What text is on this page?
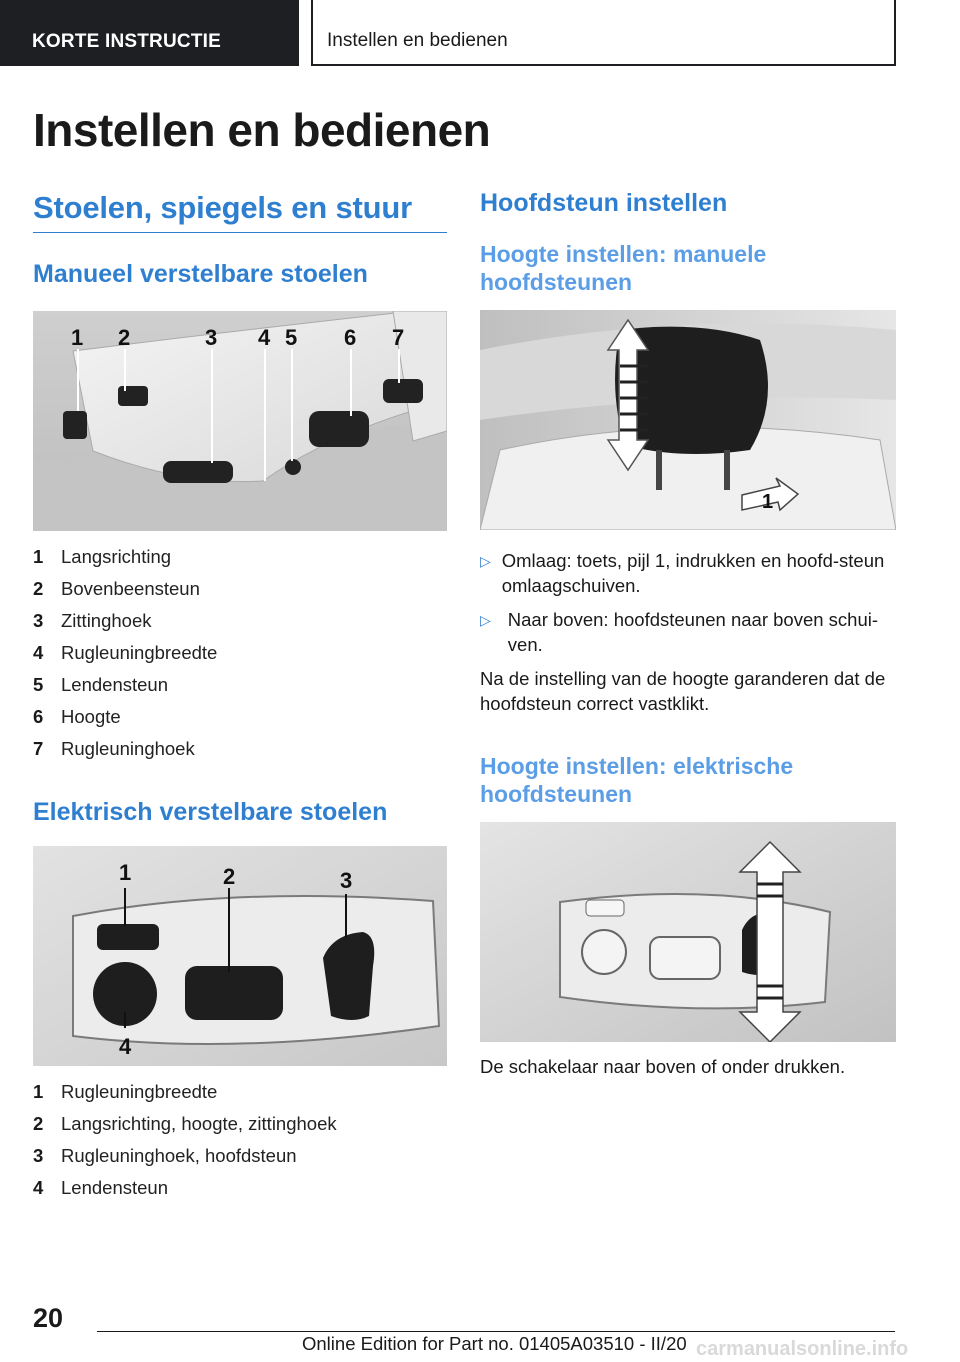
KORTE INSTRUCTIE	Instellen en bedienen
Instellen en bedienen
Stoelen, spiegels en stuur
Manueel verstelbare stoelen
1 2	3 4 5 6 7
1 Langsrichting
2 Bovenbeensteun
3 Zittinghoek
4 Rugleuningbreedte
5 Lendensteun
6 Hoogte
7 Rugleuninghoek
Elektrisch verstelbare stoelen
1	2	3
4
1 Rugleuningbreedte
2 Langsrichting, hoogte, zittinghoek
3 Rugleuninghoek, hoofdsteun
4 Lendensteun
Hoofdsteun instellen
Hoogte instellen: manuele hoofdsteunen
1
▷ Omlaag: toets, pijl 1, indrukken en hoofd-steun omlaagschuiven.
▷ Naar boven: hoofdsteunen naar boven schui-ven.
Na de instelling van de hoogte garanderen dat de hoofdsteun correct vastklikt.
Hoogte instellen: elektrische hoofdsteunen
De schakelaar naar boven of onder drukken.
20
Online Edition for Part no. 01405A03510 - II/20 carmanualsonline.info
